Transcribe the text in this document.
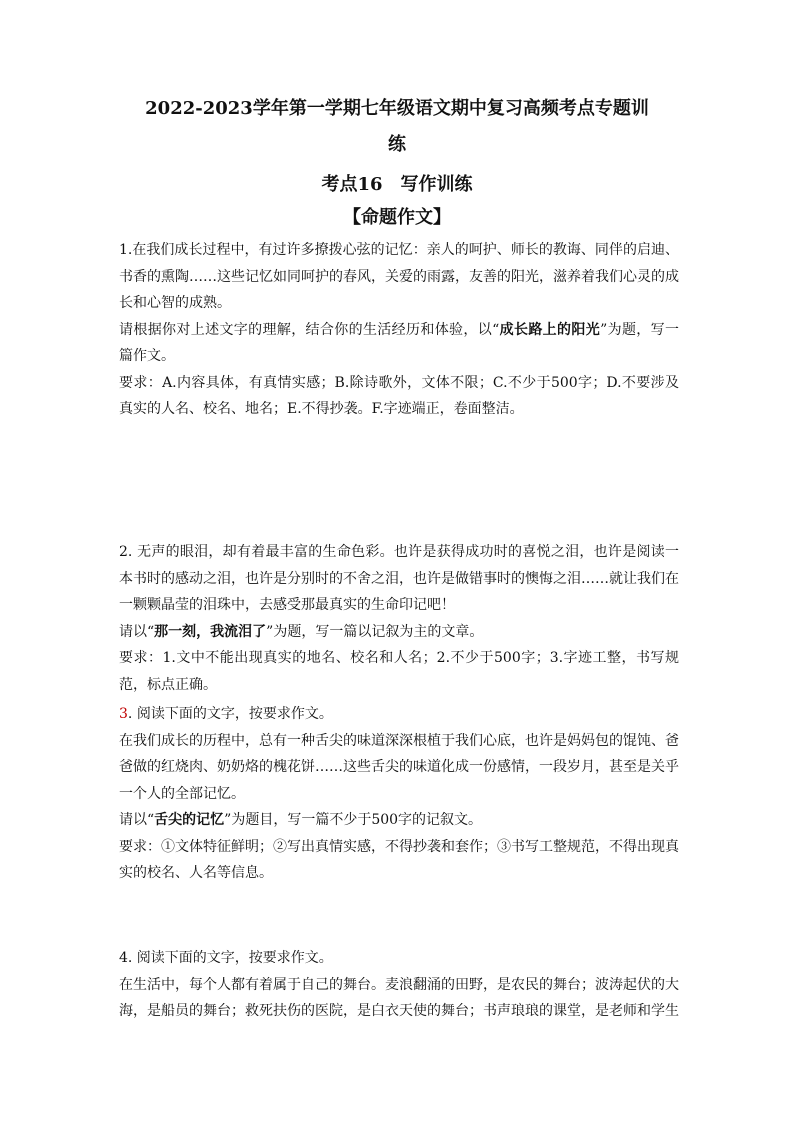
2022-2023学年第一学期七年级语文期中复习高频考点专题训
练
考点16　写作训练
【命题作文】

1.在我们成长过程中，有过许多撩拨心弦的记忆：亲人的呵护、师长的教诲、同伴的启迪、书香的熏陶……这些记忆如同呵护的春风，关爱的雨露，友善的阳光，滋养着我们心灵的成长和心智的成熟。

请根据你对上述文字的理解，结合你的生活经历和体验，以“成长路上的阳光”为题，写一篇作文。

要求：A.内容具体，有真情实感；B.除诗歌外，文体不限；C.不少于500字；D.不要涉及真实的人名、校名、地名；E.不得抄袭。F.字迹端正，卷面整洁。

2. 无声的眼泪，却有着最丰富的生命色彩。也许是获得成功时的喜悦之泪，也许是阅读一本书时的感动之泪，也许是分别时的不舍之泪，也许是做错事时的懊悔之泪……就让我们在一颗颗晶莹的泪珠中，去感受那最真实的生命印记吧！

请以“那一刻，我流泪了”为题，写一篇以记叙为主的文章。

要求：1.文中不能出现真实的地名、校名和人名；2.不少于500字；3.字迹工整，书写规范，标点正确。

3. 阅读下面的文字，按要求作文。

在我们成长的历程中，总有一种舌尖的味道深深根植于我们心底，也许是妈妈包的馄饨、爸爸做的红烧肉、奶奶烙的槐花饼……这些舌尖的味道化成一份感情，一段岁月，甚至是关乎一个人的全部记忆。

请以“舌尖的记忆”为题目，写一篇不少于500字的记叙文。

要求：①文体特征鲜明；②写出真情实感，不得抄袭和套作；③书写工整规范，不得出现真实的校名、人名等信息。

4. 阅读下面的文字，按要求作文。

在生活中，每个人都有着属于自己的舞台。麦浪翻涌的田野，是农民的舞台；波涛起伏的大海，是船员的舞台；救死扶伤的医院，是白衣天使的舞台；书声琅琅的课堂，是老师和学生
